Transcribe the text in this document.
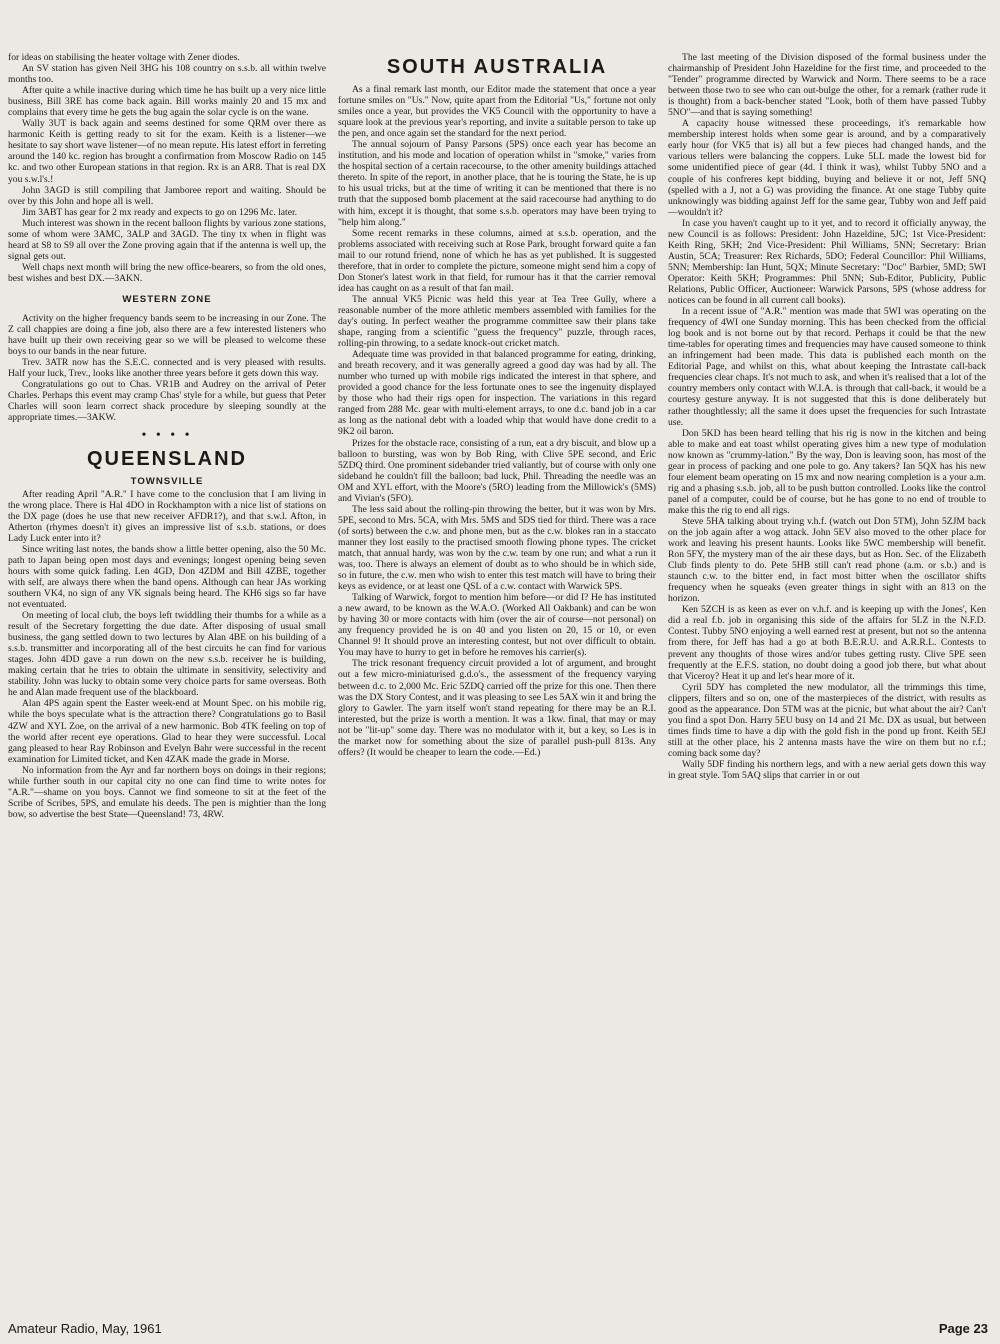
for ideas on stabilising the heater voltage with Zener diodes.

An SV station has given Neil 3HG his 108 country on s.s.b. all within twelve months too.

After quite a while inactive during which time he has built up a very nice little business, Bill 3RE has come back again. Bill works mainly 20 and 15 mx and complains that every time he gets the bug again the solar cycle is on the wane.

Wally 3UT is back again and seems destined for some QRM over there as harmonic Keith is getting ready to sit for the exam. Keith is a listener—we hesitate to say short wave listener—of no mean repute. His latest effort in ferreting around the 140 kc. region has brought a confirmation from Moscow Radio on 145 kc. and two other European stations in that region. Rx is an AR8. That is real DX you s.w.l's.!

John 3AGD is still compiling that Jamboree report and waiting. Should be over by this John and hope all is well.

Jim 3ABT has gear for 2 mx ready and expects to go on 1296 Mc. later.

Much interest was shown in the recent balloon flights by various zone stations, some of whom were 3AMC, 3ALP and 3AGD. The tiny tx when in flight was heard at S8 to S9 all over the Zone proving again that if the antenna is well up, the signal gets out.

Well chaps next month will bring the new office-bearers, so from the old ones, best wishes and best DX.—3AKN.

WESTERN ZONE

Activity on the higher frequency bands seem to be increasing in our Zone. The Z call chappies are doing a fine job, also there are a few interested listeners who have built up their own receiving gear so we will be pleased to welcome these boys to our bands in the near future.

Trev. 3ATR now has the S.E.C. connected and is very pleased with results. Half your luck, Trev., looks like another three years before it gets down this way.

Congratulations go out to Chas. VR1B and Audrey on the arrival of Peter Charles. Perhaps this event may cramp Chas' style for a while, but guess that Peter Charles will soon learn correct shack procedure by sleeping soundly at the appropriate times.—3AKW.

• • • •
QUEENSLAND
TOWNSVILLE

After reading April "A.R." I have come to the conclusion that I am living in the wrong place. There is Hal 4DO in Rockhampton with a nice list of stations on the DX page (does he use that new receiver AFDR1?), and that s.w.l. Afton, in Atherton (rhymes doesn't it) gives an impressive list of s.s.b. stations, or does Lady Luck enter into it?

Since writing last notes, the bands show a little better opening, also the 50 Mc. path to Japan being open most days and evenings; longest opening being seven hours with some quick fading. Len 4GD, Don 4ZDM and Bill 4ZBE, together with self, are always there when the band opens. Although can hear JAs working southern VK4, no sign of any VK signals being heard. The KH6 sigs so far have not eventuated.

On meeting of local club, the boys left twiddling their thumbs for a while as a result of the Secretary forgetting the due date. After disposing of usual small business, the gang settled down to two lectures by Alan 4BE on his building of a s.s.b. transmitter and incorporating all of the best circuits he can find for various stages. John 4DD gave a run down on the new s.s.b. receiver he is building, making certain that he tries to obtain the ultimate in sensitivity, selectivity and stability. John was lucky to obtain some very choice parts for same overseas. Both he and Alan made frequent use of the blackboard.

Alan 4PS again spent the Easter week-end at Mount Spec. on his mobile rig, while the boys speculate what is the attraction there? Congratulations go to Basil 4ZW and XYL Zoe, on the arrival of a new harmonic. Bob 4TK feeling on top of the world after recent eye operations. Glad to hear they were successful. Local gang pleased to hear Ray Robinson and Evelyn Bahr were successful in the recent examination for Limited ticket, and Ken 4ZAK made the grade in Morse.

No information from the Ayr and far northern boys on doings in their regions; while further south in our capital city no one can find time to write notes for "A.R."—shame on you boys. Cannot we find someone to sit at the feet of the Scribe of Scribes, 5PS, and emulate his deeds. The pen is mightier than the long bow, so advertise the best State—Queensland! 73, 4RW.

SOUTH AUSTRALIA

As a final remark last month, our Editor made the statement that once a year fortune smiles on "Us." Now, quite apart from the Editorial "Us," fortune not only smiles once a year, but provides the VK5 Council with the opportunity to have a square look at the previous year's reporting, and invite a suitable person to take up the pen, and once again set the standard for the next period.

The annual sojourn of Pansy Parsons (5PS) once each year has become an institution, and his mode and location of operation whilst in "smoke," varies from the hospital section of a certain racecourse, to the other amenity buildings attached thereto. In spite of the report, in another place, that he is touring the State, he is up to his usual tricks, but at the time of writing it can be mentioned that there is no truth that the supposed bomb placement at the said racecourse had anything to do with him, except it is thought, that some s.s.b. operators may have been trying to "help him along."

Some recent remarks in these columns, aimed at s.s.b. operation, and the problems associated with receiving such at Rose Park, brought forward quite a fan mail to our rotund friend, none of which he has as yet published. It is suggested therefore, that in order to complete the picture, someone might send him a copy of Don Stoner's latest work in that field, for rumour has it that the carrier removal idea has caught on as a result of that fan mail.

The annual VK5 Picnic was held this year at Tea Tree Gully, where a reasonable number of the more athletic members assembled with families for the day's outing. In perfect weather the programme committee saw their plans take shape, ranging from a scientific "guess the frequency" puzzle, through races, rolling-pin throwing, to a sedate knock-out cricket match.

Adequate time was provided in that balanced programme for eating, drinking, and breath recovery, and it was generally agreed a good day was had by all. The number who turned up with mobile rigs indicated the interest in that sphere, and provided a good chance for the less fortunate ones to see the ingenuity displayed by those who had their rigs open for inspection. The variations in this regard ranged from 288 Mc. gear with multi-element arrays, to one d.c. band job in a car as long as the national debt with a loaded whip that would have done credit to a 9K2 oil baron.

Prizes for the obstacle race, consisting of a run, eat a dry biscuit, and blow up a balloon to bursting, was won by Bob Ring, with Clive 5PE second, and Eric 5ZDQ third. One prominent sidebander tried valiantly, but of course with only one sideband he couldn't fill the balloon; bad luck, Phil. Threading the needle was an OM and XYL effort, with the Moore's (5RO) leading from the Millowick's (5MS) and Vivian's (5FO).

The less said about the rolling-pin throwing the better, but it was won by Mrs. 5PE, second to Mrs. 5CA, with Mrs. 5MS and 5DS tied for third. There was a race (of sorts) between the c.w. and phone men, but as the c.w. blokes ran in a staccato manner they lost easily to the practised smooth flowing phone types. The cricket match, that annual hardy, was won by the c.w. team by one run; and what a run it was, too. There is always an element of doubt as to who should be in which side, so in future, the c.w. men who wish to enter this test match will have to bring their keys as evidence, or at least one QSL of a c.w. contact with Warwick 5PS.

Talking of Warwick, forgot to mention him before—or did I? He has instituted a new award, to be known as the W.A.O. (Worked All Oakbank) and can be won by having 30 or more contacts with him (over the air of course—not personal) on any frequency provided he is on 40 and you listen on 20, 15 or 10, or even Channel 9! It should prove an interesting contest, but not over difficult to obtain. You may have to hurry to get in before he removes his carrier(s).

The trick resonant frequency circuit provided a lot of argument, and brought out a few micro-miniaturised g.d.o's., the assessment of the frequency varying between d.c. to 2,000 Mc. Eric 5ZDQ carried off the prize for this one. Then there was the DX Story Contest, and it was pleasing to see Les 5AX win it and bring the glory to Gawler. The yarn itself won't stand repeating for there may be an R.I. interested, but the prize is worth a mention. It was a 1kw. final, that may or may not be "lit-up" some day. There was no modulator with it, but a key, so Les is in the market now for something about the size of parallel push-pull 813s. Any offers? (It would be cheaper to learn the code.—Ed.)

The last meeting of the Division disposed of the formal business under the chairmanship of President John Hazeldine for the first time, and proceeded to the "Tender" programme directed by Warwick and Norm. There seems to be a race between those two to see who can out-bulge the other, for a remark (rather rude it is thought) from a back-bencher stated "Look, both of them have passed Tubby 5NO"—and that is saying something!

A capacity house witnessed these proceedings, it's remarkable how membership interest holds when some gear is around, and by a comparatively early hour (for VK5 that is) all but a few pieces had changed hands, and the various tellers were balancing the coppers. Luke 5LL made the lowest bid for some unidentified piece of gear (4d. I think it was), whilst Tubby 5NO and a couple of his confreres kept bidding, buying and believe it or not, Jeff 5NQ (spelled with a J, not a G) was providing the finance. At one stage Tubby quite unknowingly was bidding against Jeff for the same gear, Tubby won and Jeff paid—wouldn't it?

In case you haven't caught up to it yet, and to record it officially anyway, the new Council is as follows: President: John Hazeldine, 5JC; 1st Vice-President: Keith Ring, 5KH; 2nd Vice-President: Phil Williams, 5NN; Secretary: Brian Austin, 5CA; Treasurer: Rex Richards, 5DO; Federal Councillor: Phil Williams, 5NN; Membership: Ian Hunt, 5QX; Minute Secretary: "Doc" Barbier, 5MD; 5WI Operator: Keith 5KH; Programmes: Phil 5NN; Sub-Editor, Publicity, Public Relations, Public Officer, Auctioneer: Warwick Parsons, 5PS (whose address for notices can be found in all current call books).

In a recent issue of "A.R." mention was made that 5WI was operating on the frequency of 4WI one Sunday morning. This has been checked from the official log book and is not borne out by that record. Perhaps it could be that the new time-tables for operating times and frequencies may have caused someone to think an infringement had been made. This data is published each month on the Editorial Page, and whilst on this, what about keeping the Intrastate call-back frequencies clear chaps. It's not much to ask, and when it's realised that a lot of the country members only contact with W.I.A. is through that call-back, it would be a courtesy gesture anyway. It is not suggested that this is done deliberately but rather thoughtlessly; all the same it does upset the frequencies for such Intrastate use.

Don 5KD has been heard telling that his rig is now in the kitchen and being able to make and eat toast whilst operating gives him a new type of modulation now known as "crummy-lation." By the way, Don is leaving soon, has most of the gear in process of packing and one pole to go. Any takers? Ian 5QX has his new four element beam operating on 15 mx and now nearing completion is a your a.m. rig and a phasing s.s.b. job, all to be push button controlled. Looks like the control panel of a computer, could be of course, but he has gone to no end of trouble to make this the rig to end all rigs.

Steve 5HA talking about trying v.h.f. (watch out Don 5TM), John 5ZJM back on the job again after a wog attack. John 5EV also moved to the other place for work and leaving his present haunts. Looks like 5WC membership will benefit. Ron 5FY, the mystery man of the air these days, but as Hon. Sec. of the Elizabeth Club finds plenty to do. Pete 5HB still can't read phone (a.m. or s.b.) and is staunch c.w. to the bitter end, in fact most bitter when the oscillator shifts frequency when he squeaks (even greater things in sight with an 813 on the horizon.

Ken 5ZCH is as keen as ever on v.h.f. and is keeping up with the Jones', Ken did a real f.b. job in organising this side of the affairs for 5LZ in the N.F.D. Contest. Tubby 5NO enjoying a well earned rest at present, but not so the antenna from there, for Jeff has had a go at both B.E.R.U. and A.R.R.L. Contests to prevent any thoughts of those wires and/or tubes getting rusty. Clive 5PE seen frequently at the E.F.S. station, no doubt doing a good job there, but what about that Viceroy? Heat it up and let's hear more of it.

Cyril 5DY has completed the new modulator, all the trimmings this time, clippers, filters and so on, one of the masterpieces of the district, with results as good as the appearance. Don 5TM was at the picnic, but what about the air? Can't you find a spot Don. Harry 5EU busy on 14 and 21 Mc. DX as usual, but between times finds time to have a dip with the gold fish in the pond up front. Keith 5EJ still at the other place, his 2 antenna masts have the wire on them but no r.f.; coming back some day?

Wally 5DF finding his northern legs, and with a new aerial gets down this way in great style. Tom 5AQ slips that carrier in or out

Amateur Radio, May, 1961	Page 23
